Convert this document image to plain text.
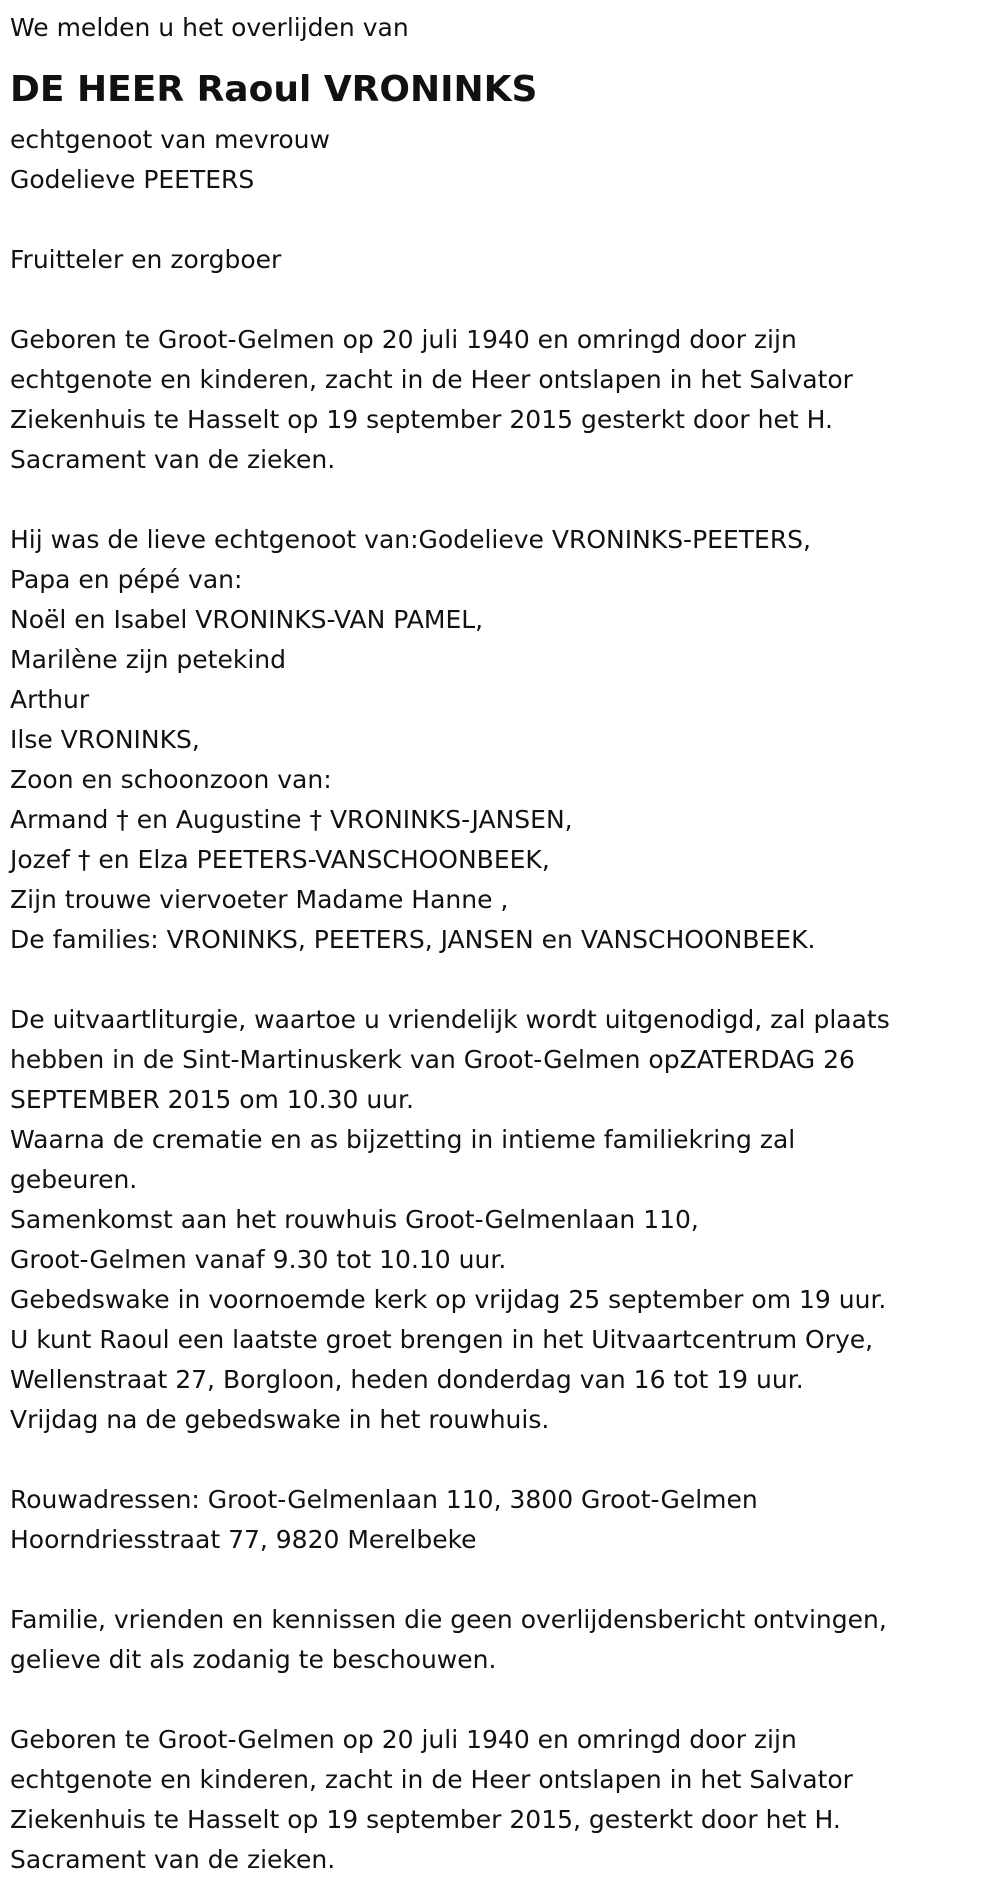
We melden u het overlijden van

DE HEER Raoul VRONINKS

echtgenoot van mevrouw

Godelieve PEETERS

Fruitteler en zorgboer

Geboren te Groot-Gelmen op 20 juli 1940 en omringd door zijn

echtgenote en kinderen, zacht in de Heer ontslapen in het Salvator

Ziekenhuis te Hasselt op 19 september 2015 gesterkt door het H.

Sacrament van de zieken.

Hij was de lieve echtgenoot van:Godelieve VRONINKS-PEETERS,

Papa en pépé van:

Noël en Isabel VRONINKS-VAN PAMEL,

Marilène zijn petekind

Arthur

Ilse VRONINKS,

Zoon en schoonzoon van:

Armand † en Augustine † VRONINKS-JANSEN,

Jozef † en Elza PEETERS-VANSCHOONBEEK,

Zijn trouwe viervoeter Madame Hanne ,

De families: VRONINKS, PEETERS, JANSEN en VANSCHOONBEEK.

De uitvaartliturgie, waartoe u vriendelijk wordt uitgenodigd, zal plaats

hebben in de Sint-Martinuskerk van Groot-Gelmen opZATERDAG 26

SEPTEMBER 2015 om 10.30 uur.

Waarna de crematie en as bijzetting in intieme familiekring zal

gebeuren.

Samenkomst aan het rouwhuis Groot-Gelmenlaan 110,

Groot-Gelmen vanaf 9.30 tot 10.10 uur.

Gebedswake in voornoemde kerk op vrijdag 25 september om 19 uur.

U kunt Raoul een laatste groet brengen in het Uitvaartcentrum Orye,

Wellenstraat 27, Borgloon, heden donderdag van 16 tot 19 uur.

Vrijdag na de gebedswake in het rouwhuis.

Rouwadressen: Groot-Gelmenlaan 110, 3800 Groot-Gelmen

Hoorndriesstraat 77, 9820 Merelbeke

Familie, vrienden en kennissen die geen overlijdensbericht ontvingen,

gelieve dit als zodanig te beschouwen.

Geboren te Groot-Gelmen op 20 juli 1940 en omringd door zijn

echtgenote en kinderen, zacht in de Heer ontslapen in het Salvator

Ziekenhuis te Hasselt op 19 september 2015, gesterkt door het H.

Sacrament van de zieken.
